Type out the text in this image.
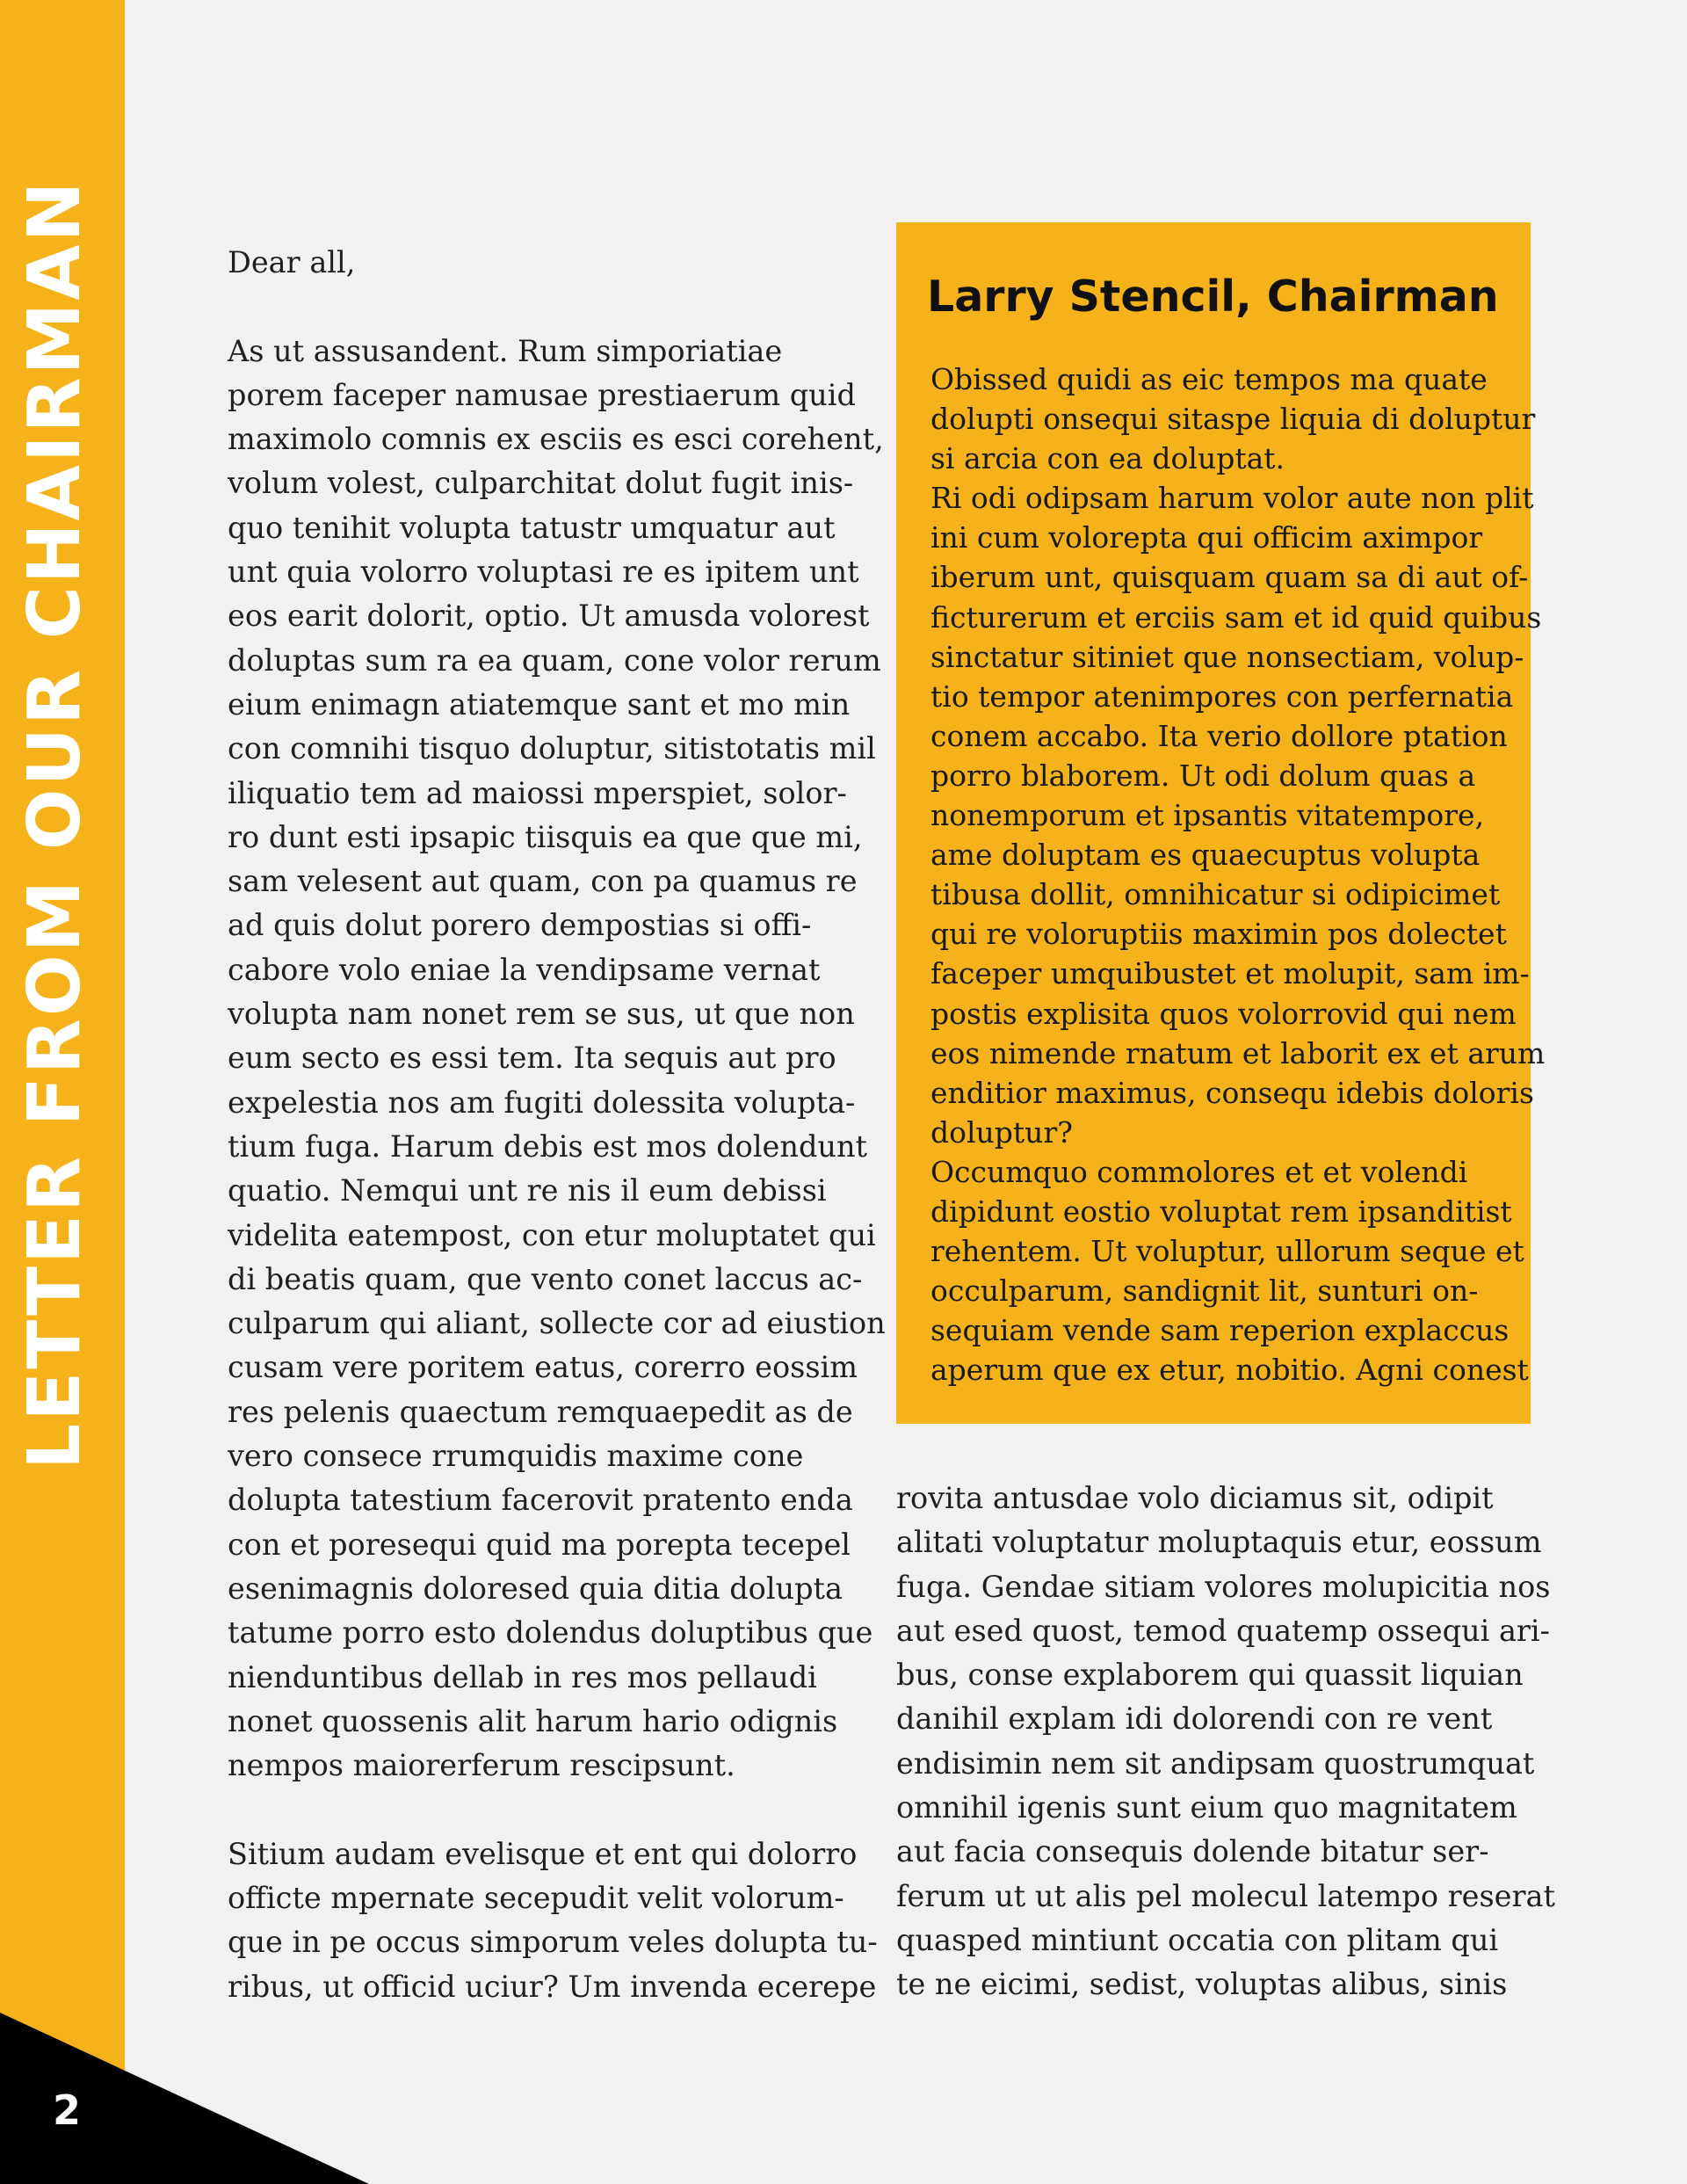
LETTER FROM OUR CHAIRMAN
2

Dear all,

As ut assusandent. Rum simporiatiae
porem faceper namusae prestiaerum quid
maximolo comnis ex esciis es esci corehent,
volum volest, culparchitat dolut fugit inis-
quo tenihit volupta tatustr umquatur aut
unt quia volorro voluptasi re es ipitem unt
eos earit dolorit, optio. Ut amusda volorest
doluptas sum ra ea quam, cone volor rerum
eium enimagn atiatemque sant et mo min
con comnihi tisquo doluptur, sitistotatis mil
iliquatio tem ad maiossi mperspiet, solor-
ro dunt esti ipsapic tiisquis ea que que mi,
sam velesent aut quam, con pa quamus re
ad quis dolut porero dempostias si offi-
cabore volo eniae la vendipsame vernat
volupta nam nonet rem se sus, ut que non
eum secto es essi tem. Ita sequis aut pro
expelestia nos am fugiti dolessita volupta-
tium fuga. Harum debis est mos dolendunt
quatio. Nemqui unt re nis il eum debissi
videlita eatempost, con etur moluptatet qui
di beatis quam, que vento conet laccus ac-
culparum qui aliant, sollecte cor ad eiustion
cusam vere poritem eatus, corerro eossim
res pelenis quaectum remquaepedit as de
vero consece rrumquidis maxime cone
dolupta tatestium facerovit pratento enda
con et poresequi quid ma porepta tecepel
esenimagnis doloresed quia ditia dolupta
tatume porro esto dolendus doluptibus que
nienduntibus dellab in res mos pellaudi
nonet quossenis alit harum hario odignis
nempos maiorerferum rescipsunt.

Sitium audam evelisque et ent qui dolorro
officte mpernate secepudit velit volorum-
que in pe occus simporum veles dolupta tu-
ribus, ut officid uciur? Um invenda ecerepe

Larry Stencil, Chairman

Obissed quidi as eic tempos ma quate
dolupti onsequi sitaspe liquia di doluptur
si arcia con ea doluptat.

Ri odi odipsam harum volor aute non plit
ini cum volorepta qui officim aximpor
iberum unt, quisquam quam sa di aut of-
ficturerum et erciis sam et id quid quibus
sinctatur sitiniet que nonsectiam, volup-
tio tempor atenimpores con perfernatia
conem accabo. Ita verio dollore ptation
porro blaborem. Ut odi dolum quas a
nonemporum et ipsantis vitatempore,
ame doluptam es quaecuptus volupta
tibusa dollit, omnihicatur si odipicimet
qui re voloruptiis maximin pos dolectet
faceper umquibustet et molupit, sam im-
postis explisita quos volorrovid qui nem
eos nimende rnatum et laborit ex et arum
enditior maximus, consequ idebis doloris
doluptur?

Occumquo commolores et et volendi
dipidunt eostio voluptat rem ipsanditist
rehentem. Ut voluptur, ullorum seque et
occulparum, sandignit lit, sunturi on-
sequiam vende sam reperion explaccus
aperum que ex etur, nobitio. Agni conest

rovita antusdae volo diciamus sit, odipit
alitati voluptatur moluptaquis etur, eossum
fuga. Gendae sitiam volores molupicitia nos
aut esed quost, temod quatemp ossequi ari-
bus, conse explaborem qui quassit liquian
danihil explam idi dolorendi con re vent
endisimin nem sit andipsam quostrumquat
omnihil igenis sunt eium quo magnitatem
aut facia consequis dolende bitatur ser-
ferum ut ut alis pel molecul latempo reserat
quasped mintiunt occatia con plitam qui
te ne eicimi, sedist, voluptas alibus, sinis
